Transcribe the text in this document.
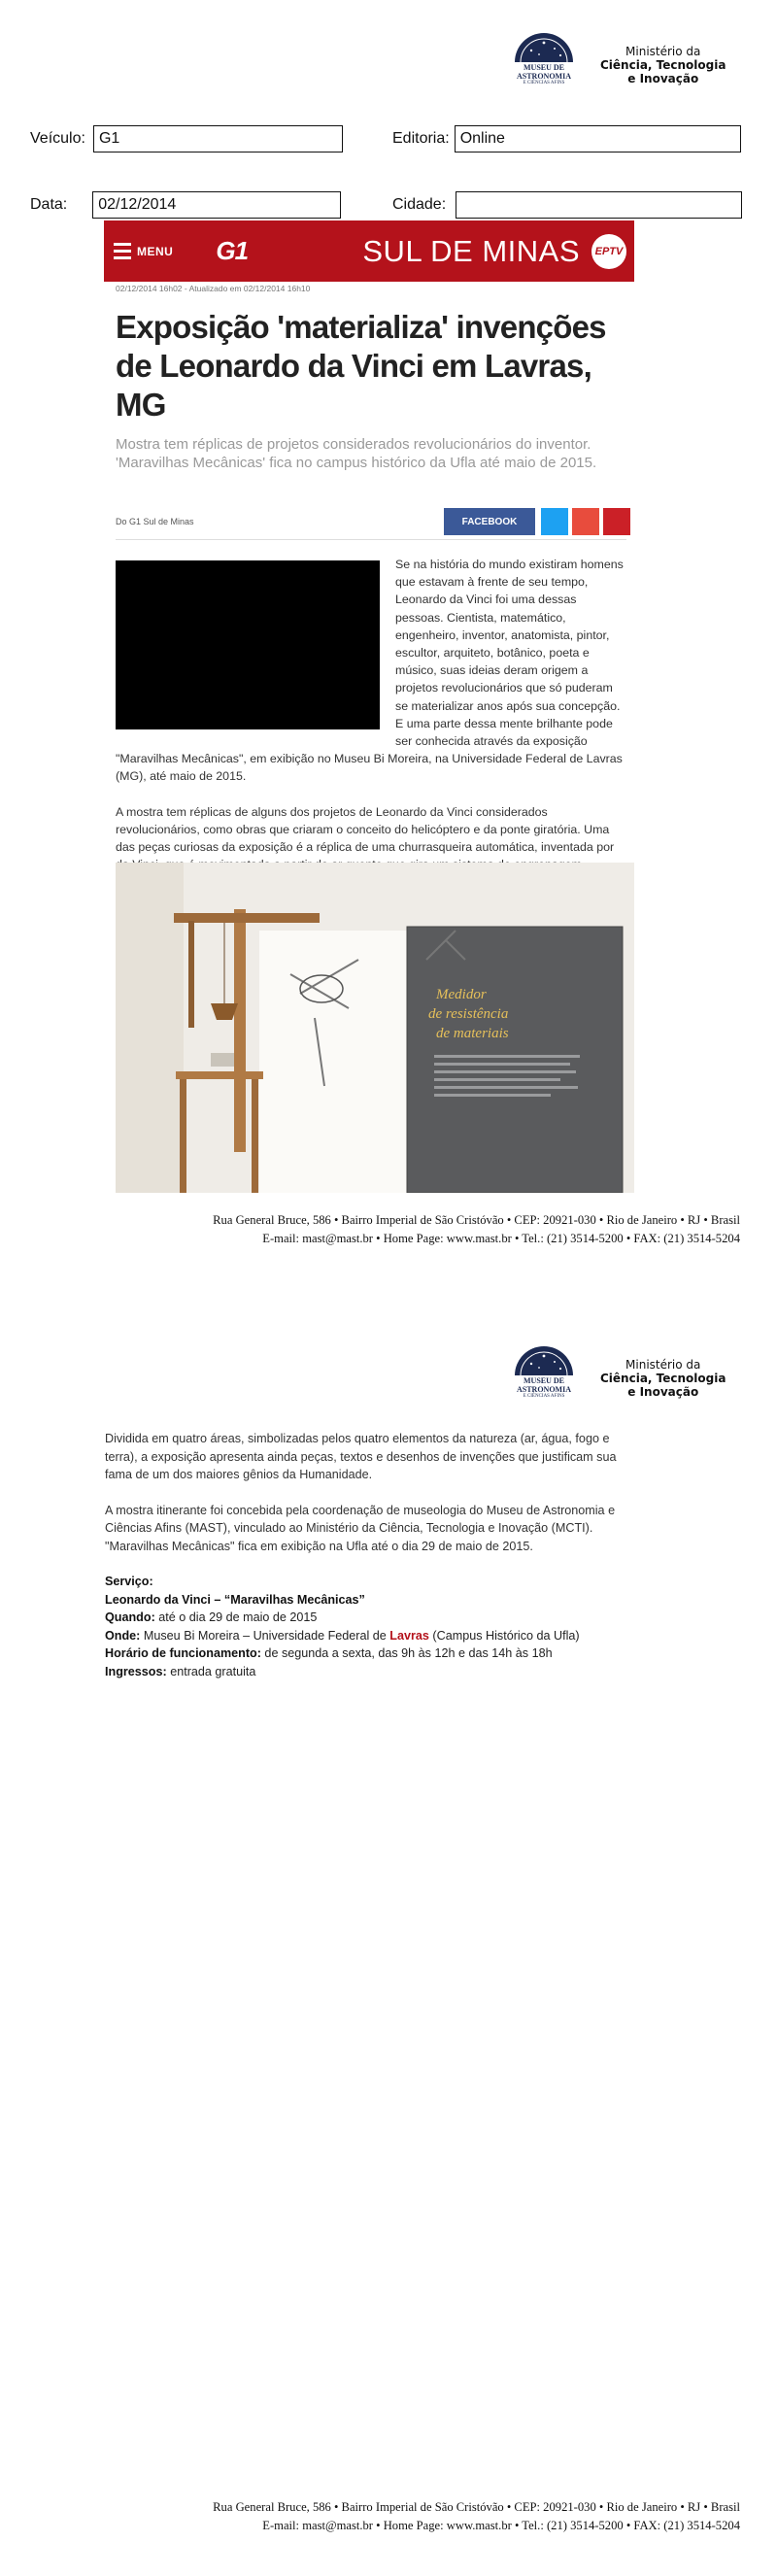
MUSEU DE
ASTRONOMIA
E CIÊNCIAS AFINS
Ministério da
Ciência, Tecnologia
e Inovação
Veículo: G1	Editoria: Online
Data:	02/12/2014	Cidade:
MENU G1	SUL DE MINAS	EPTV
02/12/2014 16h02 - Atualizado em 02/12/2014 16h10
Exposição 'materializa' invenções de Leonardo da Vinci em Lavras, MG

Mostra tem réplicas de projetos considerados revolucionários do inventor. 'Maravilhas Mecânicas' fica no campus histórico da Ufla até maio de 2015.

Do G1 Sul de Minas	FACEBOOK

Se na história do mundo existiram homens que estavam à frente de seu tempo, Leonardo da Vinci foi uma dessas pessoas. Cientista, matemático, engenheiro, inventor, anatomista, pintor, escultor, arquiteto, botânico, poeta e músico, suas ideias deram origem a projetos revolucionários que só puderam se materializar anos após sua concepção. E uma parte dessa mente brilhante pode ser conhecida através da exposição "Maravilhas Mecânicas", em exibição no Museu Bi Moreira, na Universidade Federal de Lavras (MG), até maio de 2015.

A mostra tem réplicas de alguns dos projetos de Leonardo da Vinci considerados revolucionários, como obras que criaram o conceito do helicóptero e da ponte giratória. Uma das peças curiosas da exposição é a réplica de uma churrasqueira automática, inventada por

Medidor
de resistência
de materiais
Rua General Bruce, 586 • Bairro Imperial de São Cristóvão • CEP: 20921-030 • Rio de Janeiro • RJ • Brasil
E-mail: mast@mast.br • Home Page: www.mast.br • Tel.: (21) 3514-5200 • FAX: (21) 3514-5204
MUSEU DE
ASTRONOMIA
E CIÊNCIAS AFINS
Ministério da
Ciência, Tecnologia
e Inovação

Dividida em quatro áreas, simbolizadas pelos quatro elementos da natureza (ar, água, fogo e terra), a exposição apresenta ainda peças, textos e desenhos de invenções que justificam sua fama de um dos maiores gênios da Humanidade.

A mostra itinerante foi concebida pela coordenação de museologia do Museu de Astronomia e Ciências Afins (MAST), vinculado ao Ministério da Ciência, Tecnologia e Inovação (MCTI). "Maravilhas Mecânicas" fica em exibição na Ufla até o dia 29 de maio de 2015.

Serviço:
Leonardo da Vinci – “Maravilhas Mecânicas”
Quando: até o dia 29 de maio de 2015
Onde: Museu Bi Moreira – Universidade Federal de Lavras (Campus Histórico da Ufla)
Horário de funcionamento: de segunda a sexta, das 9h às 12h e das 14h às 18h
Ingressos: entrada gratuita
Rua General Bruce, 586 • Bairro Imperial de São Cristóvão • CEP: 20921-030 • Rio de Janeiro • RJ • Brasil
E-mail: mast@mast.br • Home Page: www.mast.br • Tel.: (21) 3514-5200 • FAX: (21) 3514-5204
